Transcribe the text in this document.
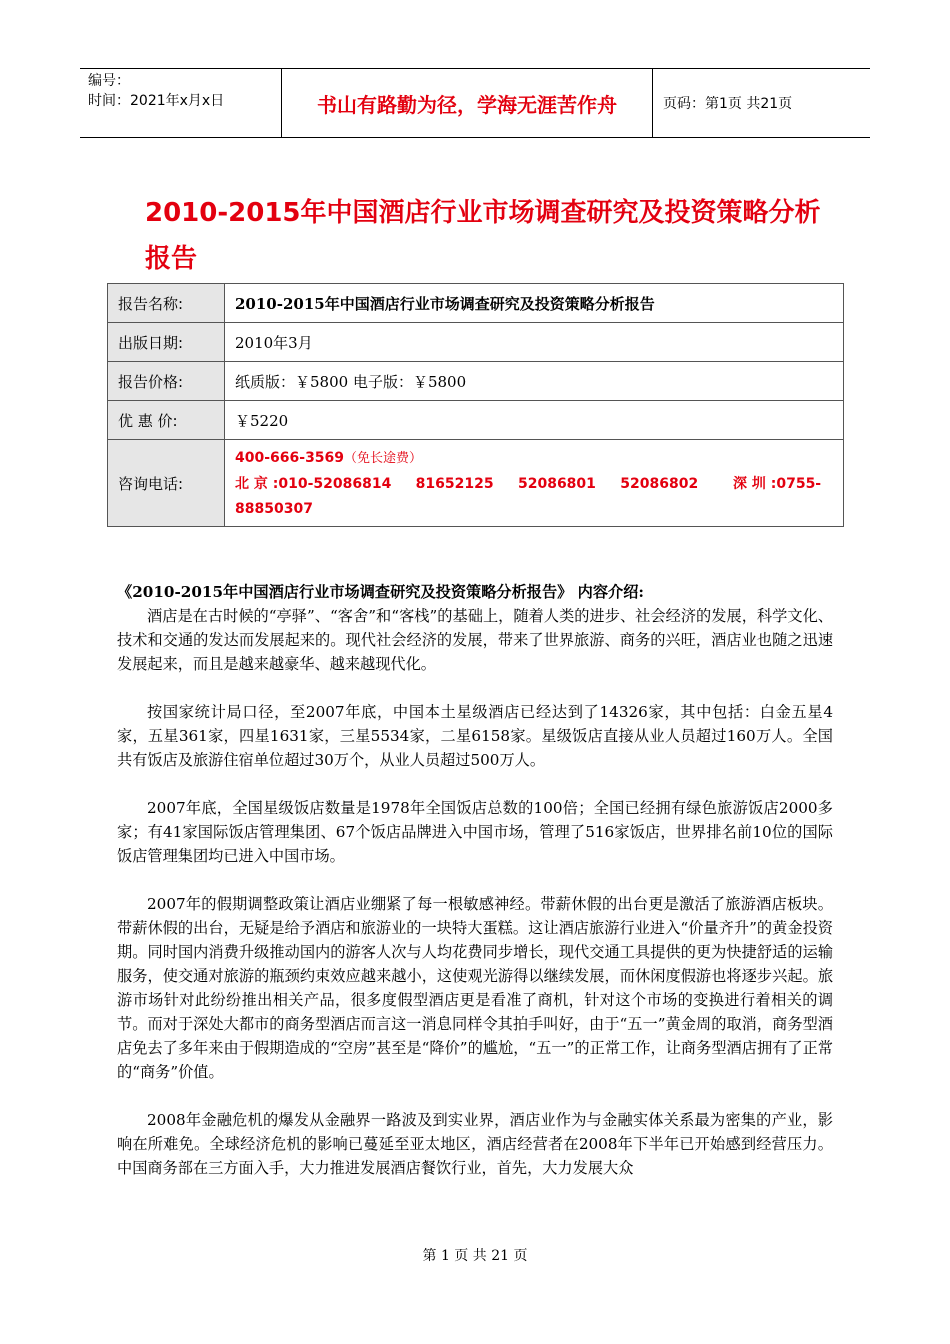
编号：
时间：2021年x月x日	书山有路勤为径，学海无涯苦作舟	页码：第1页 共21页
2010-2015年中国酒店行业市场调查研究及投资策略分析报告
报告名称:	2010-2015年中国酒店行业市场调查研究及投资策略分析报告
出版日期:	2010年3月
报告价格:	纸质版：￥5800 电子版：￥5800
优 惠 价:	￥5220
咨询电话:	400-666-3569（免长途费）
北 京 :010-52086814     81652125     52086801     52086802 深 圳 :0755-88850307

《2010-2015年中国酒店行业市场调查研究及投资策略分析报告》 内容介绍:

酒店是在古时候的“亭驿”、“客舍”和“客栈”的基础上，随着人类的进步、社会经济的发展，科学文化、技术和交通的发达而发展起来的。现代社会经济的发展，带来了世界旅游、商务的兴旺，酒店业也随之迅速发展起来，而且是越来越豪华、越来越现代化。

按国家统计局口径，至2007年底，中国本土星级酒店已经达到了14326家，其中包括：白金五星4家，五星361家，四星1631家，三星5534家，二星6158家。星级饭店直接从业人员超过160万人。全国共有饭店及旅游住宿单位超过30万个，从业人员超过500万人。

2007年底，全国星级饭店数量是1978年全国饭店总数的100倍；全国已经拥有绿色旅游饭店2000多家；有41家国际饭店管理集团、67个饭店品牌进入中国市场，管理了516家饭店，世界排名前10位的国际饭店管理集团均已进入中国市场。

2007年的假期调整政策让酒店业绷紧了每一根敏感神经。带薪休假的出台更是激活了旅游酒店板块。带薪休假的出台，无疑是给予酒店和旅游业的一块特大蛋糕。这让酒店旅游行业进入“价量齐升”的黄金投资期。同时国内消费升级推动国内的游客人次与人均花费同步增长，现代交通工具提供的更为快捷舒适的运输服务，使交通对旅游的瓶颈约束效应越来越小，这使观光游得以继续发展，而休闲度假游也将逐步兴起。旅游市场针对此纷纷推出相关产品，很多度假型酒店更是看准了商机，针对这个市场的变换进行着相关的调节。而对于深处大都市的商务型酒店而言这一消息同样令其拍手叫好，由于“五一”黄金周的取消，商务型酒店免去了多年来由于假期造成的“空房”甚至是“降价”的尴尬，“五一”的正常工作，让商务型酒店拥有了正常的“商务”价值。

2008年金融危机的爆发从金融界一路波及到实业界，酒店业作为与金融实体关系最为密集的产业，影响在所难免。全球经济危机的影响已蔓延至亚太地区，酒店经营者在2008年下半年已开始感到经营压力。中国商务部在三方面入手，大力推进发展酒店餐饮行业，首先，大力发展大众

第 1 页 共 21 页
